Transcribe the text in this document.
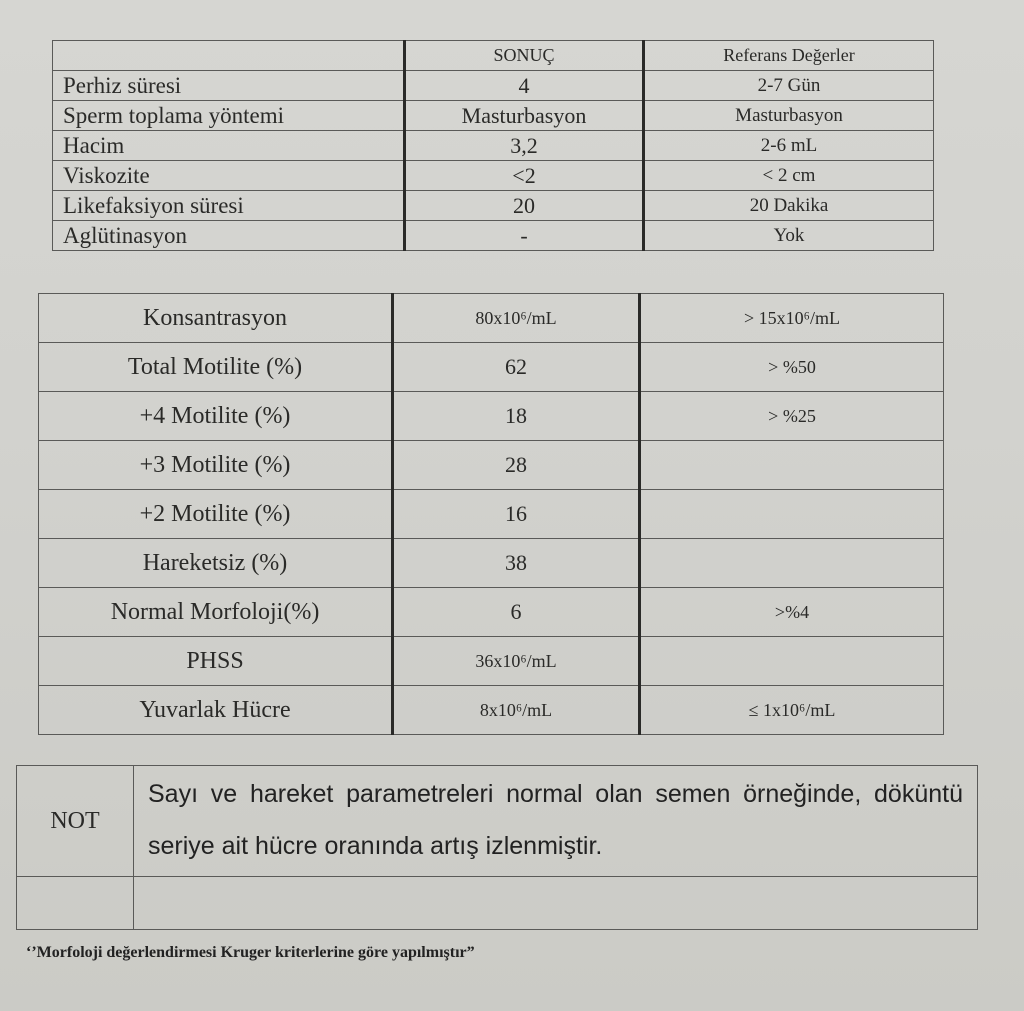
	SONUÇ	Referans Değerler
Perhiz süresi	4	2-7 Gün
Sperm toplama yöntemi	Masturbasyon	Masturbasyon
Hacim	3,2	2-6 mL
Viskozite	<2	< 2 cm
Likefaksiyon süresi	20	20 Dakika
Aglütinasyon	-	Yok
Konsantrasyon	80x10⁶/mL	> 15x10⁶/mL
Total Motilite (%)	62	> %50
+4 Motilite (%)	18	> %25
+3 Motilite (%)	28	
+2 Motilite (%)	16	
Hareketsiz (%)	38	
Normal Morfoloji(%)	6	>%4
PHSS	36x10⁶/mL	
Yuvarlak Hücre	8x10⁶/mL	≤ 1x10⁶/mL
NOT	Sayı ve hareket parametreleri normal olan semen örneğinde, döküntü seriye ait hücre oranında artış izlenmiştir.

‘’Morfoloji değerlendirmesi Kruger kriterlerine göre yapılmıştır”
